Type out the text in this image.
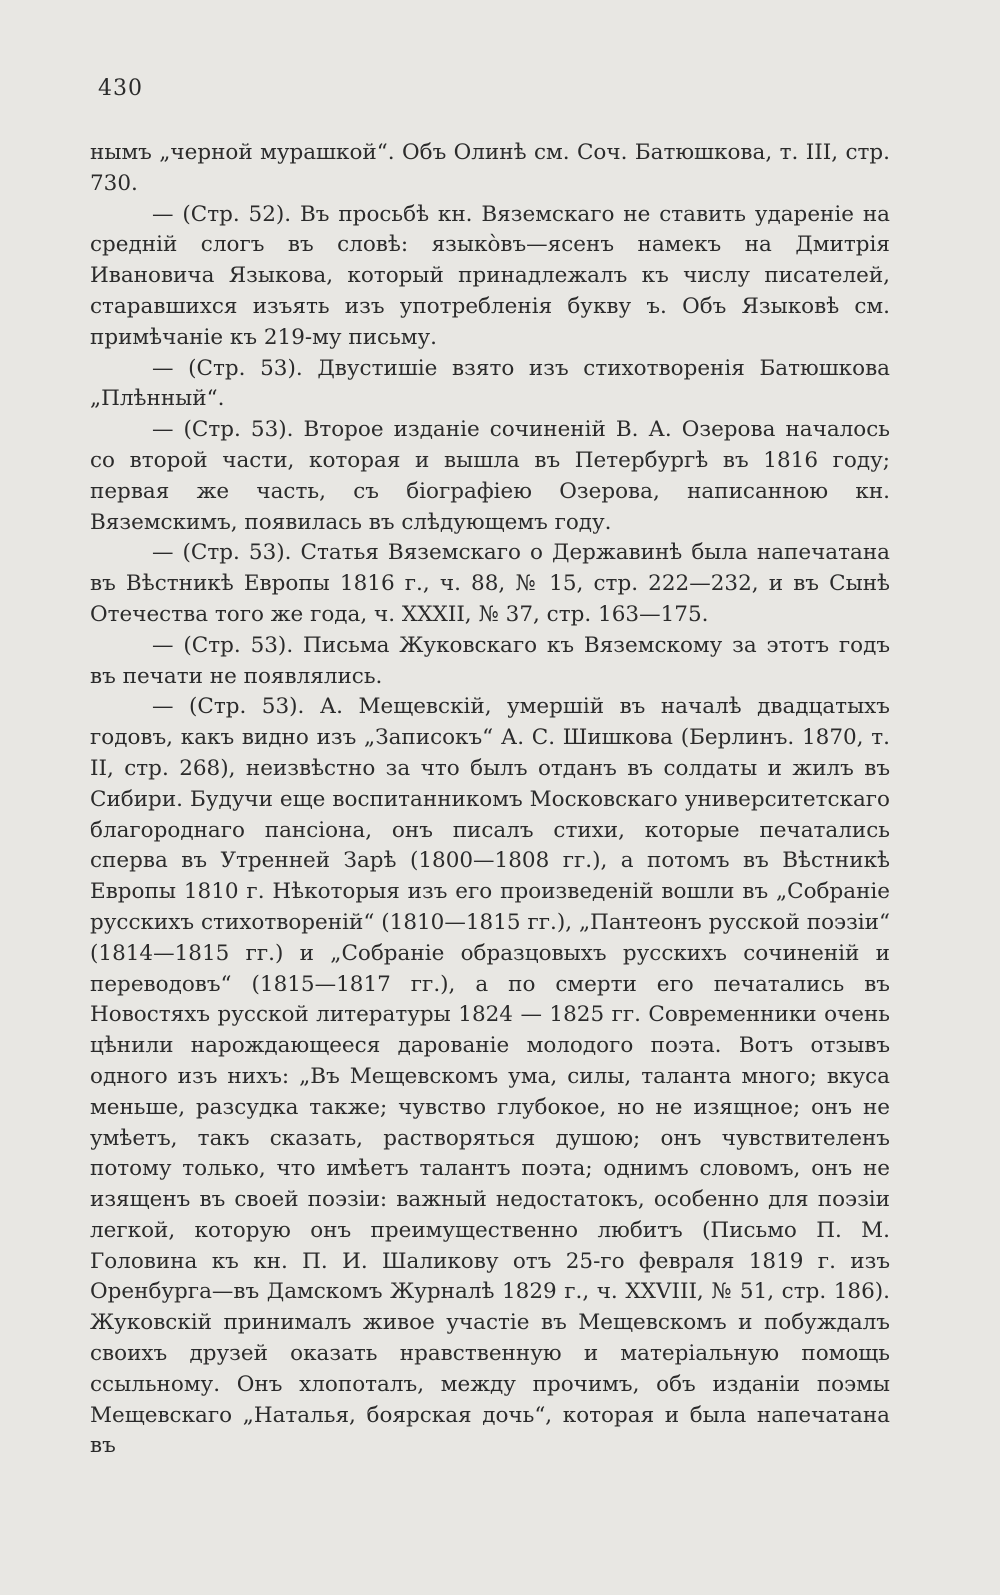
430

нымъ „черной мурашкой“. Объ Олинѣ см. Соч. Батюшкова, т. III, стр. 730.

— (Стр. 52). Въ просьбѣ кн. Вяземскаго не ставить удареніе на средній слогъ въ словѣ: языкòвъ—ясенъ намекъ на Дмитрія Ивановича Языкова, который принадлежалъ къ числу писателей, старавшихся изъять изъ употребленія букву ъ. Объ Языковѣ см. примѣчаніе къ 219-му письму.

— (Стр. 53). Двустишіе взято изъ стихотворенія Батюшкова „Плѣнный“.

— (Стр. 53). Второе изданіе сочиненій В. А. Озерова началось со второй части, которая и вышла въ Петербургѣ въ 1816 году; первая же часть, съ біографіею Озерова, написанною кн. Вяземскимъ, появилась въ слѣдующемъ году.

— (Стр. 53). Статья Вяземскаго о Державинѣ была напечатана въ Вѣстникѣ Европы 1816 г., ч. 88, № 15, стр. 222—232, и въ Сынѣ Отечества того же года, ч. XXXII, № 37, стр. 163—175.

— (Стр. 53). Письма Жуковскаго къ Вяземскому за этотъ годъ въ печати не появлялись.

— (Стр. 53). А. Мещевскій, умершій въ началѣ двадцатыхъ годовъ, какъ видно изъ „Записокъ“ А. С. Шишкова (Берлинъ. 1870, т. II, стр. 268), неизвѣстно за что былъ отданъ въ солдаты и жилъ въ Сибири. Будучи еще воспитанникомъ Московскаго университетскаго благороднаго пансіона, онъ писалъ стихи, которые печатались сперва въ Утренней Зарѣ (1800—1808 гг.), а потомъ въ Вѣстникѣ Европы 1810 г. Нѣкоторыя изъ его произведеній вошли въ „Собраніе русскихъ стихотвореній“ (1810—1815 гг.), „Пантеонъ русской поэзіи“ (1814—1815 гг.) и „Собраніе образцовыхъ русскихъ сочиненій и переводовъ“ (1815—1817 гг.), а по смерти его печатались въ Новостяхъ русской литературы 1824 — 1825 гг. Современники очень цѣнили нарождающееся дарованіе молодого поэта. Вотъ отзывъ одного изъ нихъ: „Въ Мещевскомъ ума, силы, таланта много; вкуса меньше, разсудка также; чувство глубокое, но не изящное; онъ не умѣетъ, такъ сказать, растворяться душою; онъ чувствителенъ потому только, что имѣетъ талантъ поэта; однимъ словомъ, онъ не изященъ въ своей поэзіи: важный недостатокъ, особенно для поэзіи легкой, которую онъ преимущественно любитъ (Письмо П. М. Головина къ кн. П. И. Шаликову отъ 25-го февраля 1819 г. изъ Оренбурга—въ Дамскомъ Журналѣ 1829 г., ч. XXVIII, № 51, стр. 186). Жуковскій принималъ живое участіе въ Мещевскомъ и побуждалъ своихъ друзей оказать нравственную и матеріальную помощь ссыльному. Онъ хлопоталъ, между прочимъ, объ изданіи поэмы Мещевскаго „Наталья, боярская дочь“, которая и была напечатана въ
